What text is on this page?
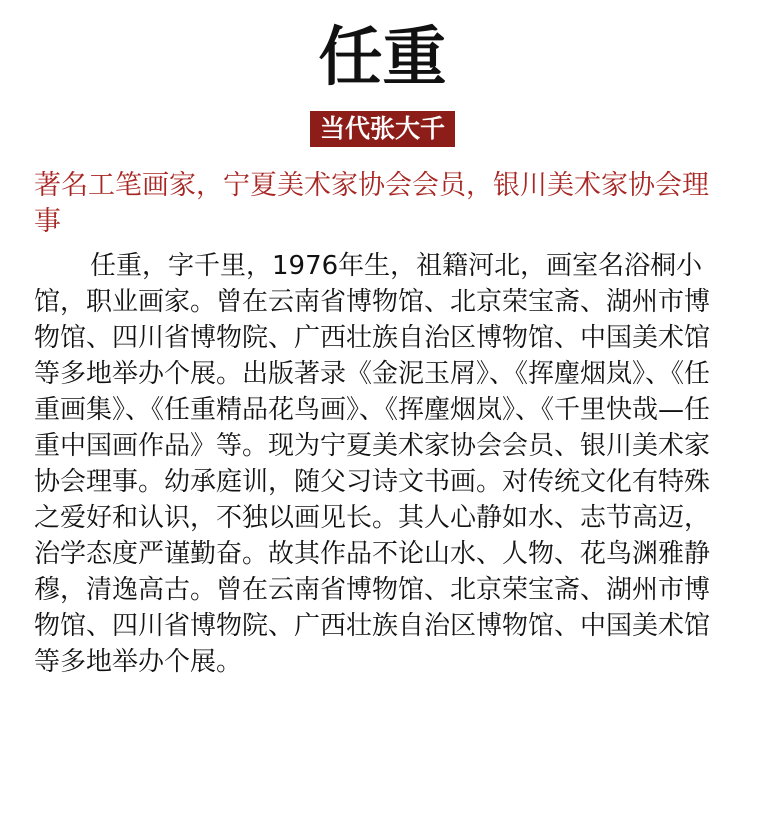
任重
当代张大千
著名工笔画家，宁夏美术家协会会员，银川美术家协会理事
任重，字千里，1976年生，祖籍河北，画室名浴桐小馆，职业画家。曾在云南省博物馆、北京荣宝斋、湖州市博物馆、四川省博物院、广西壮族自治区博物馆、中国美术馆等多地举办个展。出版著录《金泥玉屑》、《挥麈烟岚》、《任重画集》、《任重精品花鸟画》、《挥麈烟岚》、《千里快哉—任重中国画作品》等。现为宁夏美术家协会会员、银川美术家协会理事。幼承庭训，随父习诗文书画。对传统文化有特殊之爱好和认识，不独以画见长。其人心静如水、志节高迈，治学态度严谨勤奋。故其作品不论山水、人物、花鸟渊雅静穆，清逸高古。曾在云南省博物馆、北京荣宝斋、湖州市博物馆、四川省博物院、广西壮族自治区博物馆、中国美术馆等多地举办个展。
